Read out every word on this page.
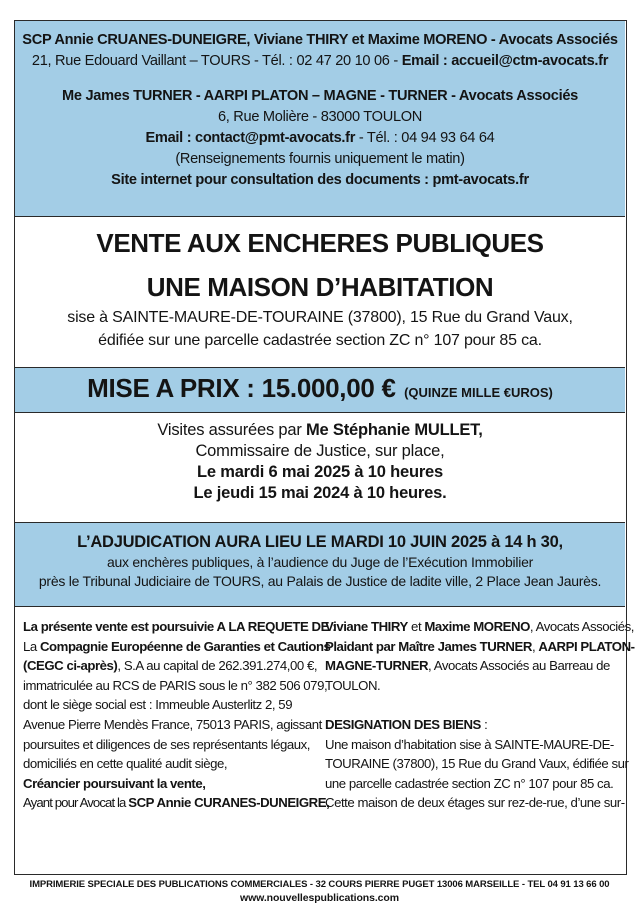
SCP Annie CRUANES-DUNEIGRE, Viviane THIRY et Maxime MORENO - Avocats Associés
21, Rue Edouard Vaillant – TOURS - Tél. : 02 47 20 10 06 - Email : accueil@ctm-avocats.fr
Me James TURNER - AARPI PLATON – MAGNE - TURNER - Avocats Associés
6, Rue Molière - 83000 TOULON
Email : contact@pmt-avocats.fr - Tél. : 04 94 93 64 64
(Renseignements fournis uniquement le matin)
Site internet pour consultation des documents : pmt-avocats.fr
VENTE AUX ENCHERES PUBLIQUES
UNE MAISON D’HABITATION
sise à SAINTE-MAURE-DE-TOURAINE (37800), 15 Rue du Grand Vaux,
édifiée sur une parcelle cadastrée section ZC n° 107 pour 85 ca.
MISE A PRIX : 15.000,00 € (QUINZE MILLE €UROS)
Visites assurées par Me Stéphanie MULLET,
Commissaire de Justice, sur place,
Le mardi 6 mai 2025 à 10 heures
Le jeudi 15 mai 2024 à 10 heures.
L’ADJUDICATION AURA LIEU LE MARDI 10 JUIN 2025 à 14 h 30,
aux enchères publiques, à l’audience du Juge de l’Exécution Immobilier
près le Tribunal Judiciaire de TOURS, au Palais de Justice de ladite ville, 2 Place Jean Jaurès.
La présente vente est poursuivie A LA REQUETE DE :
La Compagnie Européenne de Garanties et Cautions
(CEGC ci-après), S.A au capital de 262.391.274,00 €,
immatriculée au RCS de PARIS sous le n° 382 506 079,
dont le siège social est : Immeuble Austerlitz 2, 59
Avenue Pierre Mendès France, 75013 PARIS, agissant
poursuites et diligences de ses représentants légaux,
domiciliés en cette qualité audit siège,
Créancier poursuivant la vente,
Ayant pour Avocat la SCP Annie CURANES-DUNEIGRE,
Viviane THIRY et Maxime MORENO, Avocats Associés,
Plaidant par Maître James TURNER, AARPI PLATON-
MAGNE-TURNER, Avocats Associés au Barreau de
TOULON.
DESIGNATION DES BIENS :
Une maison d’habitation sise à SAINTE-MAURE-DE-
TOURAINE (37800), 15 Rue du Grand Vaux, édifiée sur
une parcelle cadastrée section ZC n° 107 pour 85 ca.
Cette maison de deux étages sur rez-de-rue, d’une sur-
IMPRIMERIE SPECIALE DES PUBLICATIONS COMMERCIALES - 32 COURS PIERRE PUGET 13006 MARSEILLE - TEL 04 91 13 66 00
www.nouvellespublications.com
